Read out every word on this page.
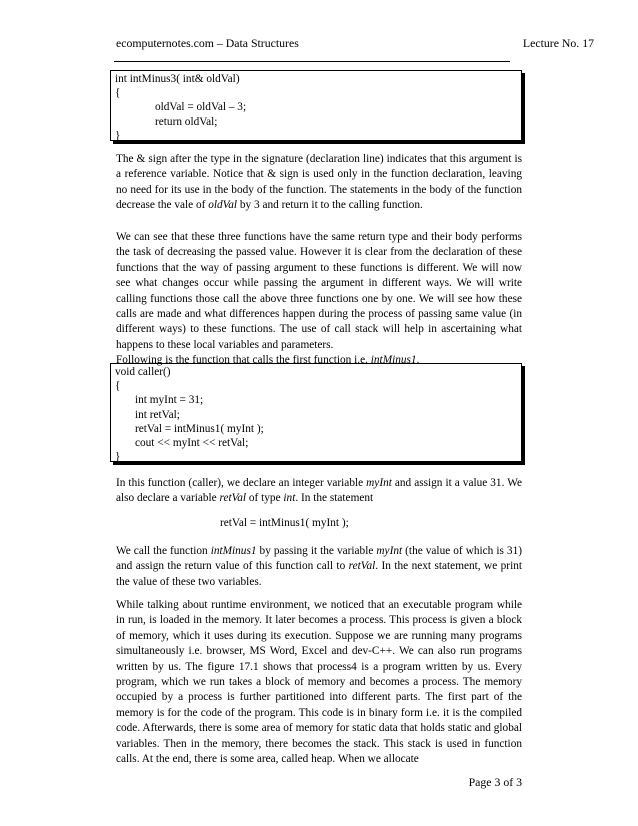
ecomputernotes.com – Data Structures	Lecture No. 17
int intMinus3( int& oldVal)
{
oldVal = oldVal – 3;
return oldVal;
}

The & sign after the type in the signature (declaration line) indicates that this argument is a reference variable. Notice that & sign is used only in the function declaration, leaving no need for its use in the body of the function. The statements in the body of the function decrease the vale of oldVal by 3 and return it to the calling function.

We can see that these three functions have the same return type and their body performs the task of decreasing the passed value. However it is clear from the declaration of these functions that the way of passing argument to these functions is different. We will now see what changes occur while passing the argument in different ways. We will write calling functions those call the above three functions one by one. We will see how these calls are made and what differences happen during the process of passing same value (in different ways) to these functions. The use of call stack will help in ascertaining what happens to these local variables and parameters.

Following is the function that calls the first function i.e. intMinus1.

void caller()
{
int myInt = 31;
int retVal;
retVal = intMinus1( myInt );
cout << myInt << retVal;
}

In this function (caller), we declare an integer variable myInt and assign it a value 31. We also declare a variable retVal of type int. In the statement

retVal = intMinus1( myInt );

We call the function intMinus1 by passing it the variable myInt (the value of which is 31) and assign the return value of this function call to retVal. In the next statement, we print the value of these two variables.

While talking about runtime environment, we noticed that an executable program while in run, is loaded in the memory. It later becomes a process. This process is given a block of memory, which it uses during its execution. Suppose we are running many programs simultaneously i.e. browser, MS Word, Excel and dev-C++. We can also run programs written by us. The figure 17.1 shows that process4 is a program written by us. Every program, which we run takes a block of memory and becomes a process. The memory occupied by a process is further partitioned into different parts. The first part of the memory is for the code of the program. This code is in binary form i.e. it is the compiled code. Afterwards, there is some area of memory for static data that holds static and global variables. Then in the memory, there becomes the stack. This stack is used in function calls. At the end, there is some area, called heap. When we allocate

Page 3 of 3
